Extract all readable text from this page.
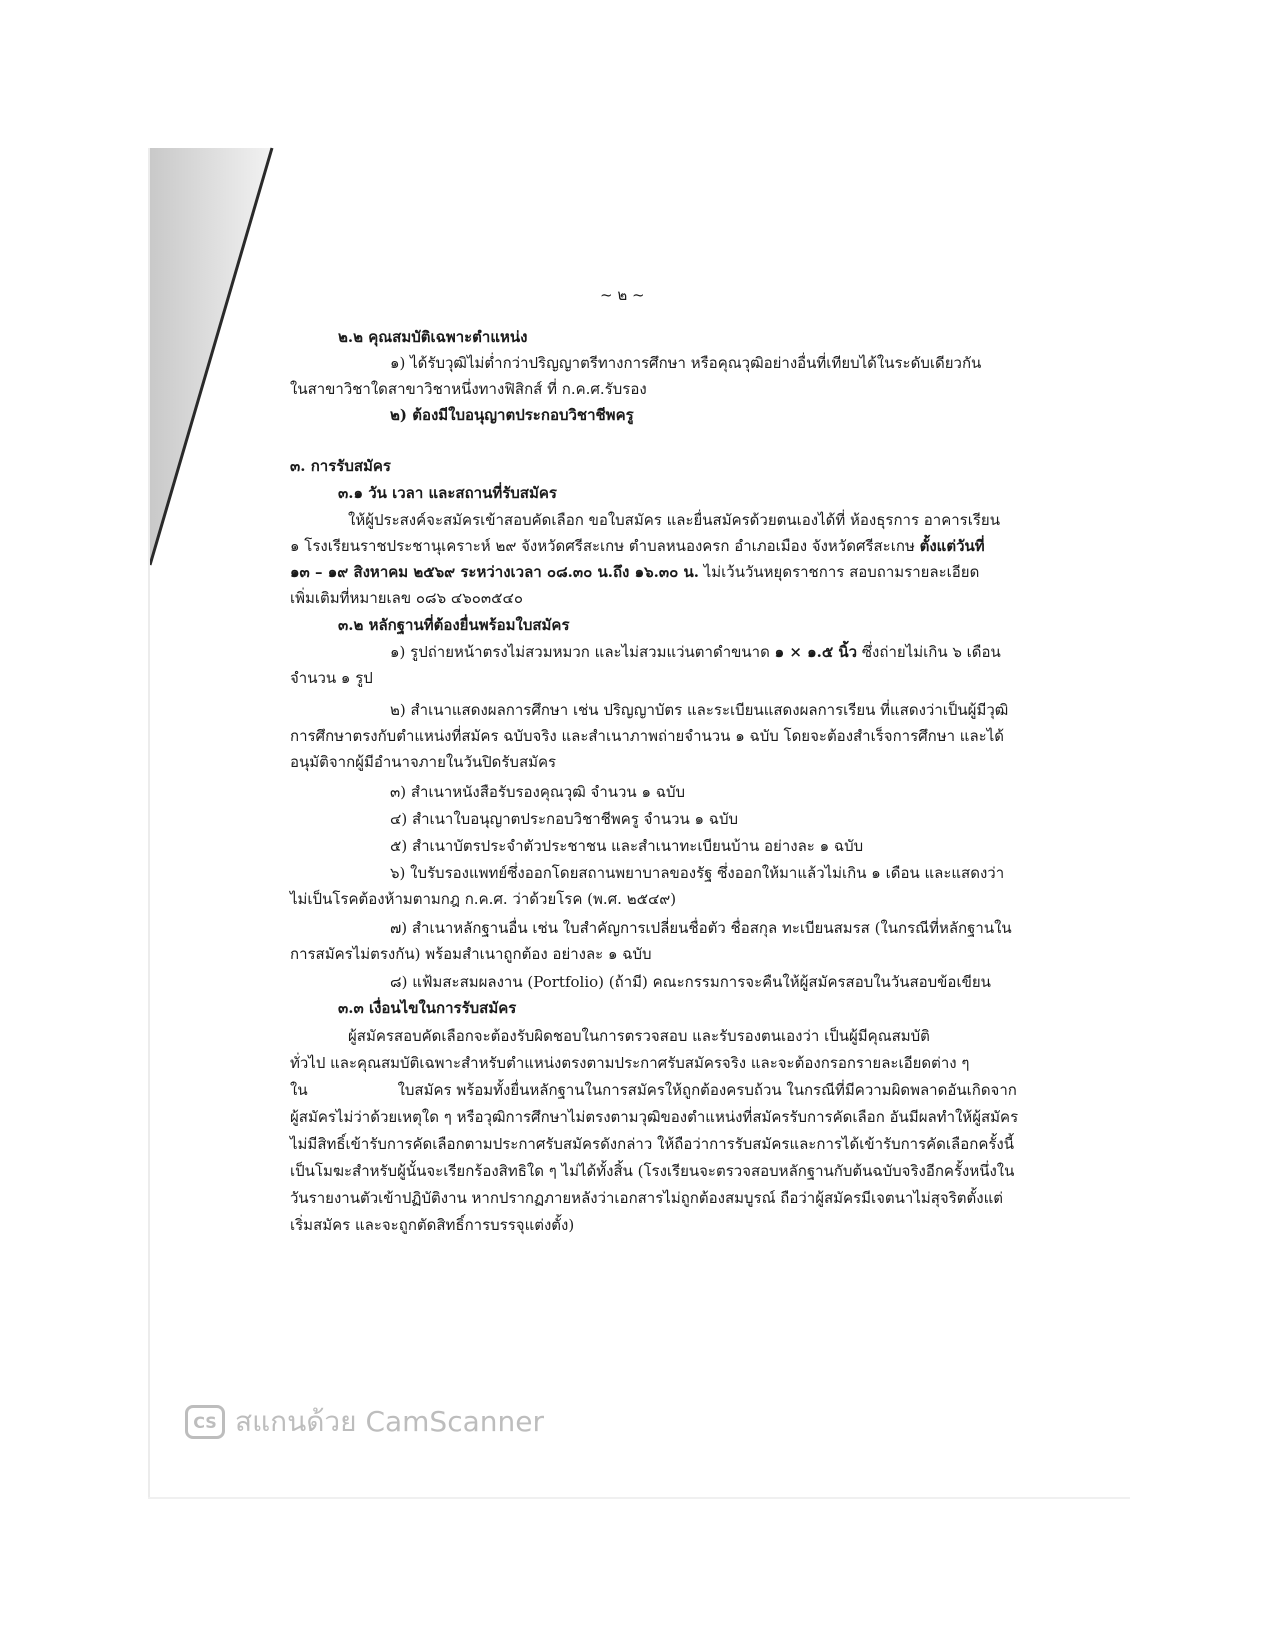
~ ๒ ~
๒.๒ คุณสมบัติเฉพาะตำแหน่ง
๑) ได้รับวุฒิไม่ต่ำกว่าปริญญาตรีทางการศึกษา หรือคุณวุฒิอย่างอื่นที่เทียบได้ในระดับเดียวกัน
ในสาขาวิชาใดสาขาวิชาหนึ่งทางฟิสิกส์ ที่ ก.ค.ศ.รับรอง
๒) ต้องมีใบอนุญาตประกอบวิชาชีพครู
๓. การรับสมัคร
๓.๑ วัน เวลา และสถานที่รับสมัคร
ให้ผู้ประสงค์จะสมัครเข้าสอบคัดเลือก ขอใบสมัคร และยื่นสมัครด้วยตนเองได้ที่ ห้องธุรการ อาคารเรียน
๑ โรงเรียนราชประชานุเคราะห์ ๒๙ จังหวัดศรีสะเกษ ตำบลหนองครก อำเภอเมือง จังหวัดศรีสะเกษ ตั้งแต่วันที่
๑๓ – ๑๙ สิงหาคม ๒๕๖๙ ระหว่างเวลา ๐๘.๓๐ น.ถึง ๑๖.๓๐ น. ไม่เว้นวันหยุดราชการ สอบถามรายละเอียด
เพิ่มเติมที่หมายเลข ๐๘๖ ๔๖๐๓๕๔๐
๓.๒ หลักฐานที่ต้องยื่นพร้อมใบสมัคร
๑) รูปถ่ายหน้าตรงไม่สวมหมวก และไม่สวมแว่นตาดำขนาด ๑ × ๑.๕ นิ้ว ซึ่งถ่ายไม่เกิน ๖ เดือน
จำนวน ๑ รูป
๒) สำเนาแสดงผลการศึกษา เช่น ปริญญาบัตร และระเบียนแสดงผลการเรียน ที่แสดงว่าเป็นผู้มีวุฒิ
การศึกษาตรงกับตำแหน่งที่สมัคร ฉบับจริง และสำเนาภาพถ่ายจำนวน ๑ ฉบับ โดยจะต้องสำเร็จการศึกษา และได้
อนุมัติจากผู้มีอำนาจภายในวันปิดรับสมัคร
๓) สำเนาหนังสือรับรองคุณวุฒิ จำนวน ๑ ฉบับ
๔) สำเนาใบอนุญาตประกอบวิชาชีพครู จำนวน ๑ ฉบับ
๕) สำเนาบัตรประจำตัวประชาชน และสำเนาทะเบียนบ้าน อย่างละ ๑ ฉบับ
๖) ใบรับรองแพทย์ซึ่งออกโดยสถานพยาบาลของรัฐ ซึ่งออกให้มาแล้วไม่เกิน ๑ เดือน และแสดงว่า
ไม่เป็นโรคต้องห้ามตามกฎ ก.ค.ศ. ว่าด้วยโรค (พ.ศ. ๒๕๔๙)
๗) สำเนาหลักฐานอื่น เช่น ใบสำคัญการเปลี่ยนชื่อตัว ชื่อสกุล ทะเบียนสมรส (ในกรณีที่หลักฐานใน
การสมัครไม่ตรงกัน) พร้อมสำเนาถูกต้อง อย่างละ ๑ ฉบับ
๘) แฟ้มสะสมผลงาน (Portfolio) (ถ้ามี) คณะกรรมการจะคืนให้ผู้สมัครสอบในวันสอบข้อเขียน
๓.๓ เงื่อนไขในการรับสมัคร
ผู้สมัครสอบคัดเลือกจะต้องรับผิดชอบในการตรวจสอบ และรับรองตนเองว่า เป็นผู้มีคุณสมบัติ
ทั่วไป และคุณสมบัติเฉพาะสำหรับตำแหน่งตรงตามประกาศรับสมัครจริง และจะต้องกรอกรายละเอียดต่าง ๆ
ใน	ใบสมัคร พร้อมทั้งยื่นหลักฐานในการสมัครให้ถูกต้องครบถ้วน ในกรณีที่มีความผิดพลาดอันเกิดจาก
ผู้สมัครไม่ว่าด้วยเหตุใด ๆ หรือวุฒิการศึกษาไม่ตรงตามวุฒิของตำแหน่งที่สมัครรับการคัดเลือก อันมีผลทำให้ผู้สมัคร
ไม่มีสิทธิ์เข้ารับการคัดเลือกตามประกาศรับสมัครดังกล่าว ให้ถือว่าการรับสมัครและการได้เข้ารับการคัดเลือกครั้งนี้
เป็นโมฆะสำหรับผู้นั้นจะเรียกร้องสิทธิใด ๆ ไม่ได้ทั้งสิ้น (โรงเรียนจะตรวจสอบหลักฐานกับต้นฉบับจริงอีกครั้งหนึ่งใน
วันรายงานตัวเข้าปฏิบัติงาน หากปรากฏภายหลังว่าเอกสารไม่ถูกต้องสมบูรณ์ ถือว่าผู้สมัครมีเจตนาไม่สุจริตตั้งแต่
เริ่มสมัคร และจะถูกตัดสิทธิ์การบรรจุแต่งตั้ง)
CS สแกนด้วย CamScanner
